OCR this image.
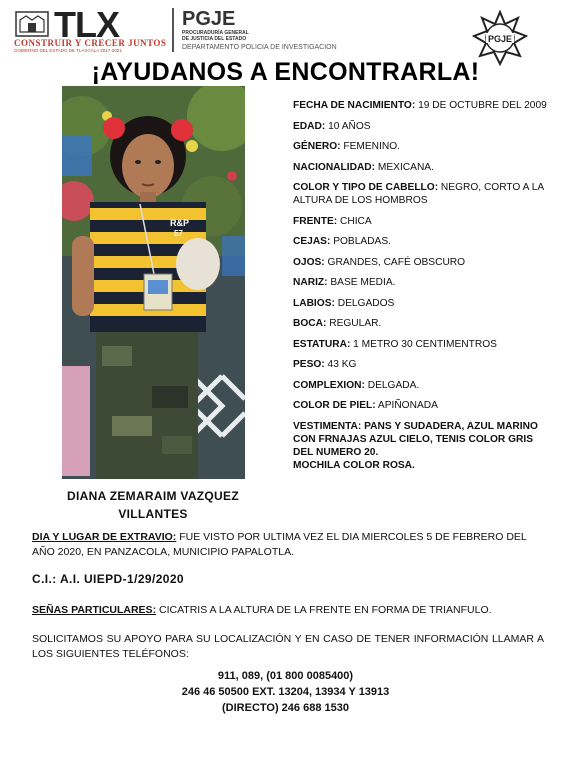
TLX
CONSTRUIR Y CRECER JUNTOS
GOBIERNO DEL ESTADO DE TLAXCALA 2017-2021
PGJE
PROCURADURÍA GENERAL
DE JUSTICIA DEL ESTADO
DEPARTAMENTO POLICIA DE INVESTIGACION
PGJE
¡AYUDANOS A ENCONTRARLA!
R&P
57
FECHA DE NACIMIENTO: 19 DE OCTUBRE DEL 2009
EDAD: 10 AÑOS
GÉNERO: FEMENINO.
NACIONALIDAD: MEXICANA.
COLOR Y TIPO DE CABELLO: NEGRO, CORTO A LA ALTURA DE LOS HOMBROS
FRENTE: CHICA
CEJAS: POBLADAS.
OJOS: GRANDES, CAFÉ OBSCURO
NARIZ: BASE MEDIA.
LABIOS: DELGADOS
BOCA: REGULAR.
ESTATURA: 1 METRO 30 CENTIMENTROS
PESO: 43 KG
COMPLEXION: DELGADA.
COLOR DE PIEL: APIÑONADA
VESTIMENTA: PANS Y SUDADERA, AZUL MARINO CON FRNAJAS AZUL CIELO, TENIS COLOR GRIS DEL NUMERO 20.
MOCHILA COLOR ROSA.
DIANA ZEMARAIM VAZQUEZ
VILLANTES
DIA Y LUGAR DE EXTRAVIO: FUE VISTO POR ULTIMA VEZ EL DIA MIERCOLES 5 DE FEBRERO DEL AÑO 2020, EN PANZACOLA, MUNICIPIO PAPALOTLA.
C.I.: A.I. UIEPD-1/29/2020
SEÑAS PARTICULARES: CICATRIS A LA ALTURA DE LA FRENTE EN FORMA DE TRIANFULO.
SOLICITAMOS SU APOYO PARA SU LOCALIZACIÓN Y EN CASO DE TENER INFORMACIÓN LLAMAR A LOS SIGUIENTES TELÉFONOS:
911, 089, (01 800 0085400)
246 46 50500 EXT. 13204, 13934 Y 13913
(DIRECTO) 246 688 1530
